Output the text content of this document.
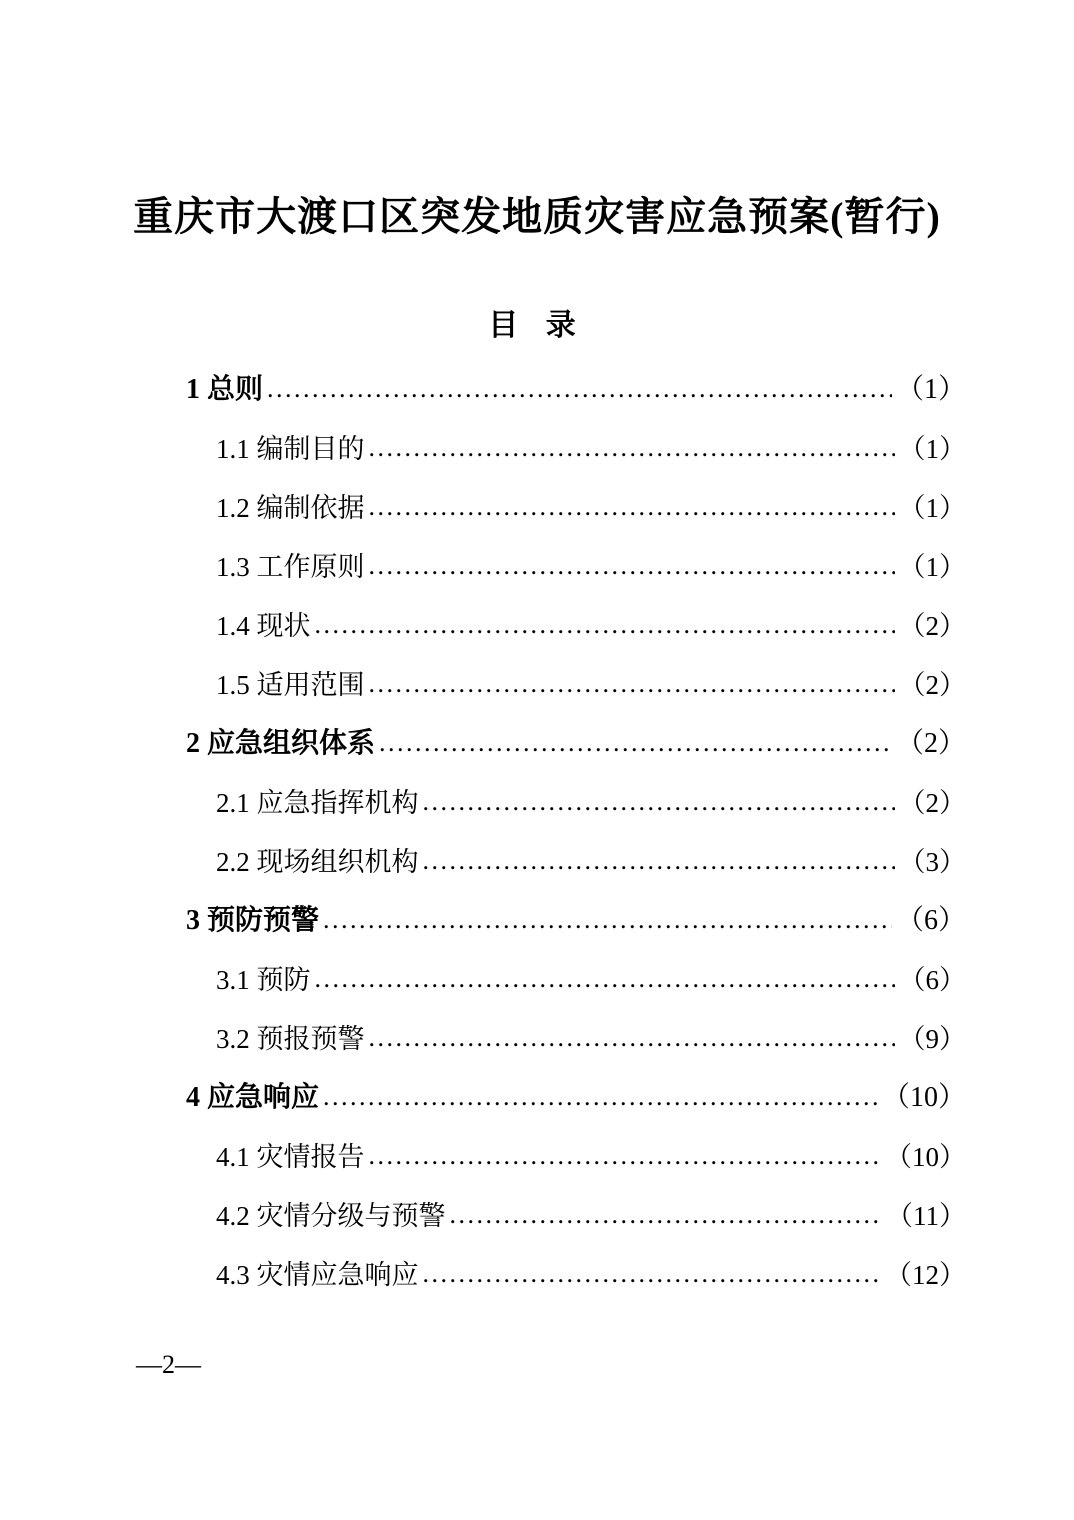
重庆市大渡口区突发地质灾害应急预案(暂行)
目 录
1 总则 .....	（1）
1.1 编制目的 .....	（1）
1.2 编制依据 .....	（1）
1.3 工作原则 .....	（1）
1.4 现状 .....	（2）
1.5 适用范围 .....	（2）
2 应急组织体系 .....	（2）
2.1 应急指挥机构 .....	（2）
2.2 现场组织机构 .....	（3）
3 预防预警 .....	（6）
3.1 预防 .....	（6）
3.2 预报预警 .....	（9）
4 应急响应 .....	（10）
4.1 灾情报告 .....	（10）
4.2 灾情分级与预警 .....	（11）
4.3 灾情应急响应 .....	（12）
—2—
